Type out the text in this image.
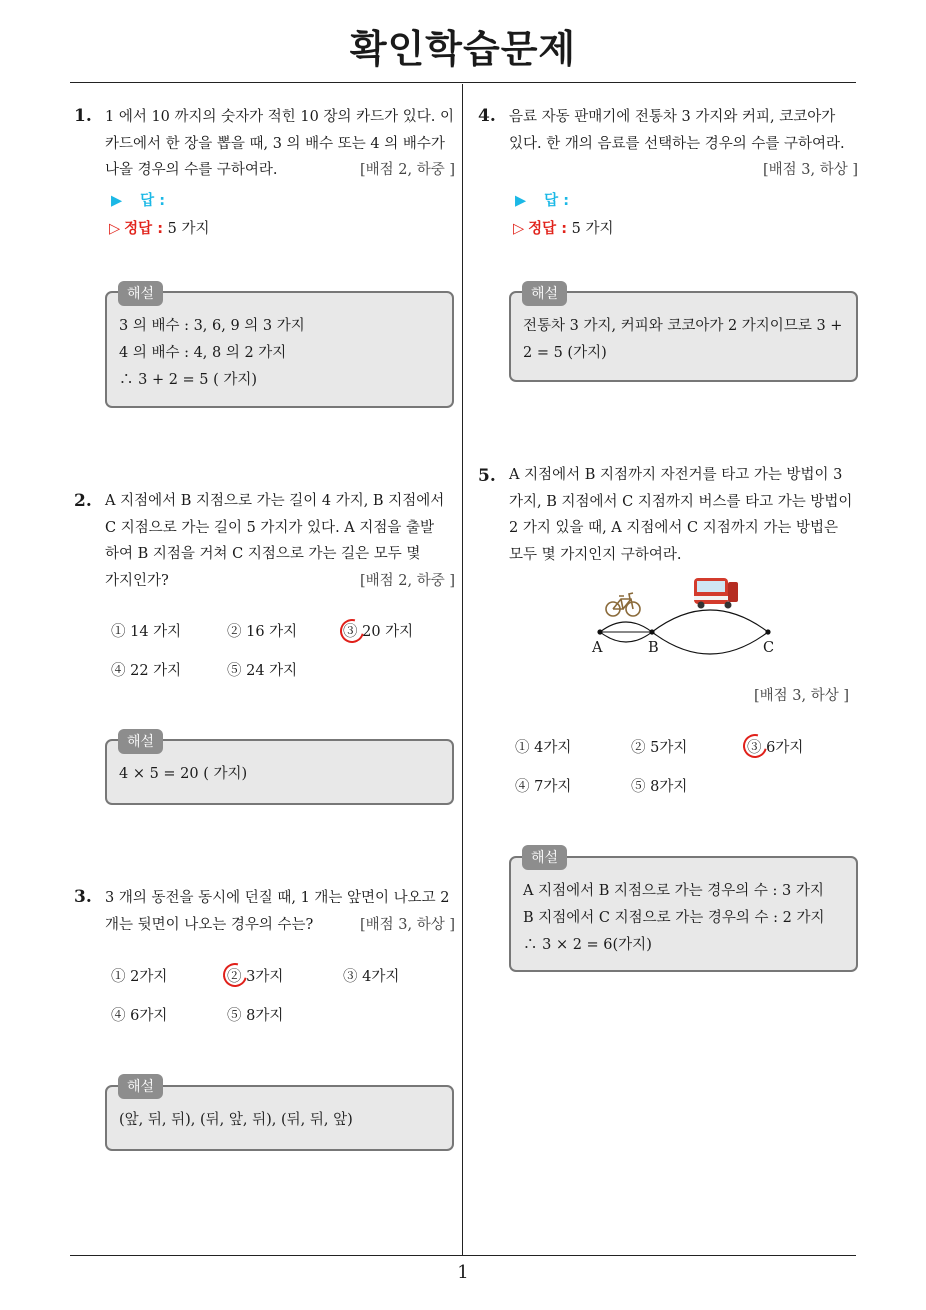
확인학습문제
1
1. 1 에서 10 까지의 숫자가 적힌 10 장의 카드가 있다. 이
카드에서 한 장을 뽑을 때, 3 의 배수 또는 4 의 배수가
나올 경우의 수를 구하여라.	[배점 2, 하중 ]
▶ 답 :
▷ 정답 : 5 가지
3 의 배수 : 3, 6, 9 의 3 가지
4 의 배수 : 4, 8 의 2 가지
∴ 3 + 2 = 5 ( 가지)
해설
2. A 지점에서 B 지점으로 가는 길이 4 가지, B 지점에서
C 지점으로 가는 길이 5 가지가 있다. A 지점을 출발
하여 B 지점을 거쳐 C 지점으로 가는 길은 모두 몇
가지인가?	[배점 2, 하중 ]
① 14 가지	② 16 가지	③ 20 가지
④ 22 가지	⑤ 24 가지
4 × 5 = 20 ( 가지)
해설
3. 3 개의 동전을 동시에 던질 때, 1 개는 앞면이 나오고 2
개는 뒷면이 나오는 경우의 수는?	[배점 3, 하상 ]
① 2가지	② 3가지	③ 4가지
④ 6가지	⑤ 8가지
(앞, 뒤, 뒤), (뒤, 앞, 뒤), (뒤, 뒤, 앞)
해설
4. 음료 자동 판매기에 전통차 3 가지와 커피, 코코아가
있다. 한 개의 음료를 선택하는 경우의 수를 구하여라.
[배점 3, 하상 ]
▶ 답 :
▷ 정답 : 5 가지
전통차 3 가지, 커피와 코코아가 2 가지이므로 3 +
2 = 5 (가지)
해설
5. A 지점에서 B 지점까지 자전거를 타고 가는 방법이 3
가지, B 지점에서 C 지점까지 버스를 타고 가는 방법이
2 가지 있을 때, A 지점에서 C 지점까지 가는 방법은
모두 몇 가지인지 구하여라.
A	B	C
[배점 3, 하상 ]
① 4가지	② 5가지	③ 6가지
④ 7가지	⑤ 8가지
A 지점에서 B 지점으로 가는 경우의 수 : 3 가지
B 지점에서 C 지점으로 가는 경우의 수 : 2 가지
∴ 3 × 2 = 6(가지)
해설
